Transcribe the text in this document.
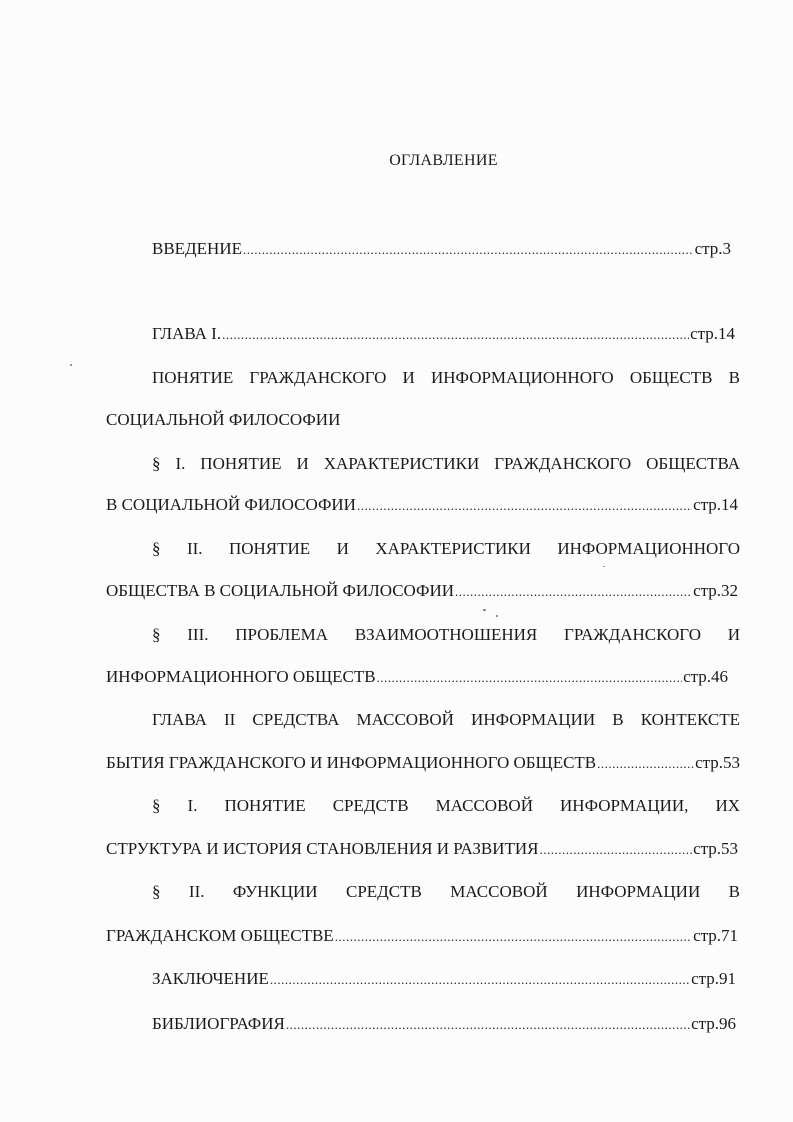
ОГЛАВЛЕНИЕ
ВВЕДЕНИЕ .....	стр.3
ГЛАВА I. .....	стр.14
ПОНЯТИЕ ГРАЖДАНСКОГО И ИНФОРМАЦИОННОГО ОБЩЕСТВ В
СОЦИАЛЬНОЙ ФИЛОСОФИИ
§ I. ПОНЯТИЕ И ХАРАКТЕРИСТИКИ ГРАЖДАНСКОГО ОБЩЕСТВА
В СОЦИАЛЬНОЙ ФИЛОСОФИИ .....	стр.14
§ II. ПОНЯТИЕ И ХАРАКТЕРИСТИКИ ИНФОРМАЦИОННОГО
ОБЩЕСТВА В СОЦИАЛЬНОЙ ФИЛОСОФИИ .....	стр.32
§ III. ПРОБЛЕМА ВЗАИМООТНОШЕНИЯ ГРАЖДАНСКОГО И
ИНФОРМАЦИОННОГО ОБЩЕСТВ .....	стр.46
ГЛАВА II СРЕДСТВА МАССОВОЙ ИНФОРМАЦИИ В КОНТЕКСТЕ
БЫТИЯ ГРАЖДАНСКОГО И ИНФОРМАЦИОННОГО ОБЩЕСТВ .....	стр.53
§ I. ПОНЯТИЕ СРЕДСТВ МАССОВОЙ ИНФОРМАЦИИ, ИХ
СТРУКТУРА И ИСТОРИЯ СТАНОВЛЕНИЯ И РАЗВИТИЯ .....	стр.53
§ II. ФУНКЦИИ СРЕДСТВ МАССОВОЙ ИНФОРМАЦИИ В
ГРАЖДАНСКОМ ОБЩЕСТВЕ .....	стр.71
ЗАКЛЮЧЕНИЕ .....	стр.91
БИБЛИОГРАФИЯ .....	стр.96
